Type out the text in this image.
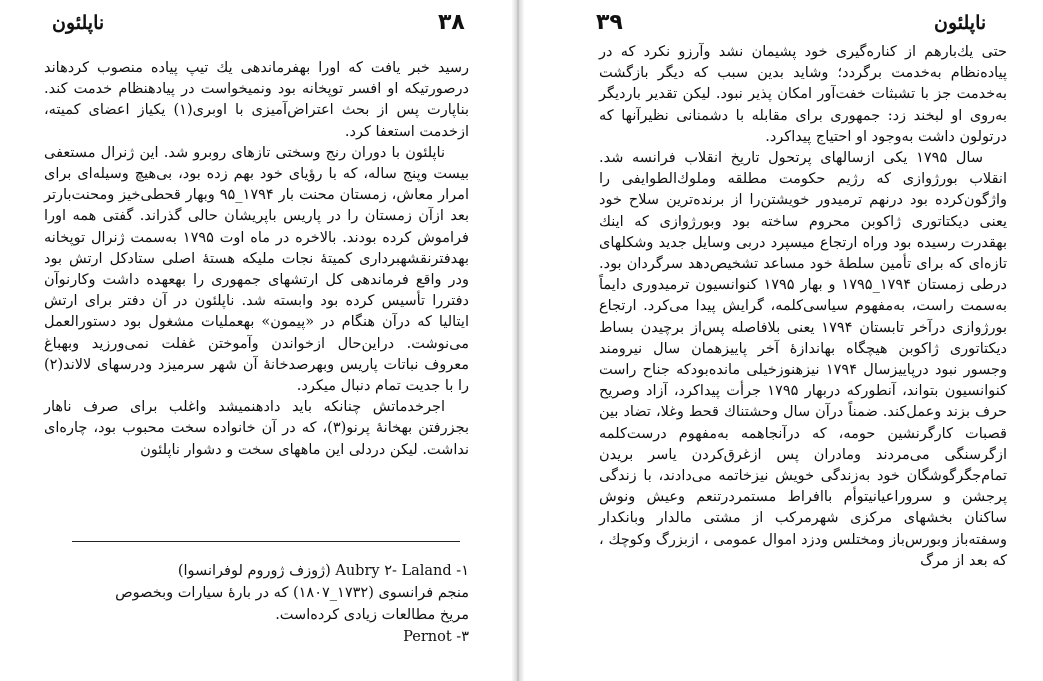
ناپلئون	۳۸

رسید خبر یافت که اورا بهفرماندهی یك تیپ پیاده منصوب کردهاند درصورتیکه او افسر توپخانه بود ونمیخواست در پیادهنظام خدمت کند. بناپارت پس از بحث اعتراض‌آمیزی با اوبری(۱) یکیاز اعضای کمیته، ازخدمت استعفا کرد.

ناپلئون با دوران رنج وسختی تازهای روبرو شد. این ژنرال مستعفی بیست وپنج ساله، که با رؤیای خود بهم زده بود، بی‌هیچ وسیله‌ای برای امرار معاش، زمستان محنت بار ۱۷۹۴_۹۵ وبهار قحطی‌خیز ومحنت‌بارتر بعد ازآن زمستان را در پاریس باپریشان حالی گذراند. گفتی همه اورا فراموش کرده بودند. بالاخره در ماه اوت ۱۷۹۵ به‌سمت ژنرال توپخانه بهدفترنقشهبرداری کمیتهٔ نجات ملیکه هستهٔ اصلی ستادکل ارتش بود ودر واقع فرماندهی کل ارتشهای جمهوری را بهعهده داشت وکارنوآن دفتررا تأسیس کرده بود وابسته شد. ناپلئون در آن دفتر برای ارتش ایتالیا که درآن هنگام در «پیمون» بهعملیات مشغول بود دستورالعمل می‌نوشت. دراین‌حال ازخواندن وآموختن غفلت نمی‌ورزید وبهباغ معروف نباتات پاریس وبهرصدخانهٔ آن شهر سرمیزد ودرسهای لالاند(۲) را با جدیت تمام دنبال میکرد.

اجرخدماتش چنانکه باید دادهنمیشد واغلب برای صرف ناهار بجزرفتن بهخانهٔ پرنو(۳)، که در آن خانواده سخت محبوب بود، چاره‌ای نداشت. لیکن دردلی این ماههای سخت و دشوار ناپلئون

۱- Aubry ۲- Laland (ژوزف ژوروم لوفرانسوا)

منجم فرانسوی (۱۷۳۲_۱۸۰۷) که در بارهٔ سیارات وبخصوص

مریخ مطالعات زیادی کرده‌است.

۳- Pernot

۳۹	ناپلئون

حتی یك‌بارهم از کناره‌گیری خود پشیمان نشد وآرزو نکرد که در پیاده‌نظام به‌خدمت برگردد؛ وشاید بدین سبب که دیگر بازگشت به‌خدمت جز با تشبثات خفت‌آور امکان پذیر نبود. لیکن تقدیر باردیگر به‌روی او لبخند زد: جمهوری برای مقابله با دشمنانی نظیرآنها که درتولون داشت به‌وجود او احتیاج پیداکرد.

سال ۱۷۹۵ یکی ازسالهای پرتحول تاریخ انقلاب فرانسه شد. انقلاب بورژوازی که رژیم حکومت مطلقه وملوك‌الطوایفی را واژگون‌کرده بود درنهم ترمیدور خویشتن‌را از برنده‌ترین سلاح خود یعنی دیکتاتوری ژاکوبن محروم ساخته بود وبورژوازی که اینك بهقدرت رسیده بود وراه ارتجاع میسپرد دربی وسایل جدید وشکلهای تازه‌ای که برای تأمین سلطهٔ خود مساعد تشخیص‌دهد سرگردان بود. درطی زمستان ۱۷۹۴_۱۷۹۵ و بهار ۱۷۹۵ کنوانسیون ترمیدوری دایماً به‌سمت راست، به‌مفهوم سیاسی‌کلمه، گرایش پیدا می‌کرد. ارتجاع بورژوازی درآخر تابستان ۱۷۹۴ یعنی بلافاصله پس‌از برچیدن بساط دیکتاتوری ژاکوبن هیچگاه بهاندازهٔ آخر پاییزهمان سال نیرومند وجسور نبود درپاییزسال ۱۷۹۴ نیزهنوزخیلی مانده‌بودکه جناح راست کنوانسیون بتواند، آنطورکه دربهار ۱۷۹۵ جرأت پیداکرد، آزاد وصریح حرف بزند وعمل‌کند. ضمناً درآن سال وحشتناك قحط وغلا، تضاد بین قصبات کارگرنشین حومه، که درآنجاهمه به‌مفهوم درست‌کلمه ازگرسنگی می‌مردند ومادران پس ازغرق‌کردن یاسر بریدن تمام‌جگرگوشگان خود به‌زندگی خویش نیزخاتمه می‌دادند، با زندگی پرجشن و سروراعیانیتوأم باافراط مستمردرتنعم وعیش ونوش ساکنان بخشهای مرکزی شهرمرکب از مشتی مالدار وبانکدار وسفته‌باز وبورس‌باز ومختلس ودزد اموال عمومی ، ازبزرگ وکوچك ، که بعد از مرگ
